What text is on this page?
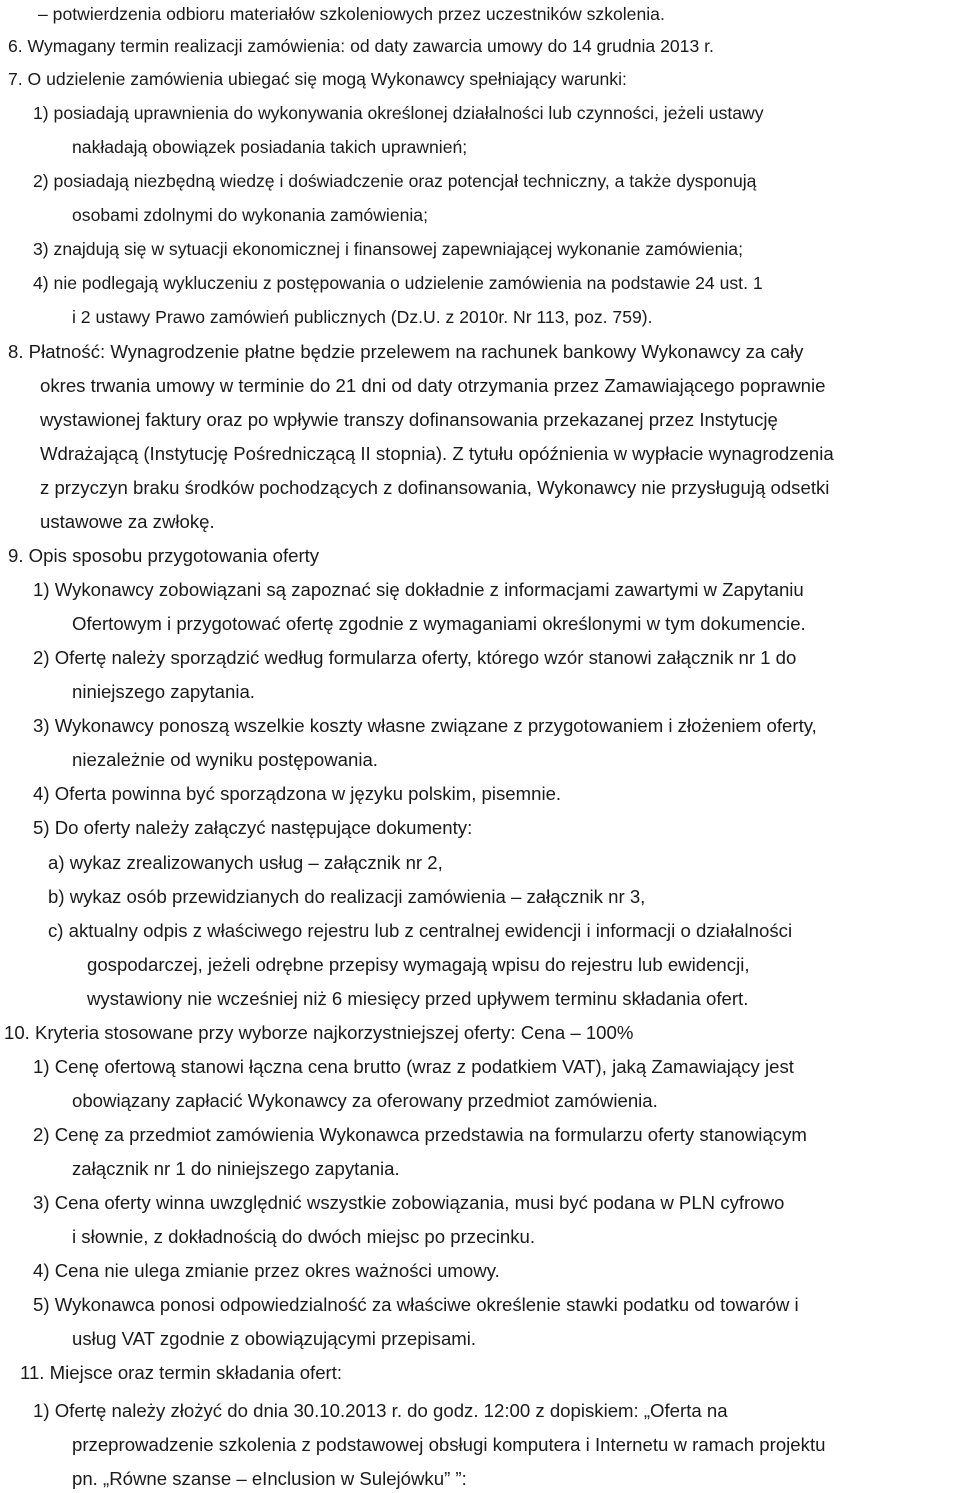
– potwierdzenia odbioru materiałów szkoleniowych przez uczestników szkolenia.
6. Wymagany termin realizacji zamówienia: od daty zawarcia umowy do 14 grudnia 2013 r.
7. O udzielenie zamówienia ubiegać się mogą Wykonawcy spełniający warunki:
1) posiadają uprawnienia do wykonywania określonej działalności lub czynności, jeżeli ustawy
nakładają obowiązek posiadania takich uprawnień;
2) posiadają niezbędną wiedzę i doświadczenie oraz potencjał techniczny, a także dysponują
osobami zdolnymi do wykonania zamówienia;
3) znajdują się w sytuacji ekonomicznej i finansowej zapewniającej wykonanie zamówienia;
4) nie podlegają wykluczeniu z postępowania o udzielenie zamówienia na podstawie 24 ust. 1
i 2 ustawy Prawo zamówień publicznych (Dz.U. z 2010r. Nr 113, poz. 759).
8. Płatność: Wynagrodzenie płatne będzie przelewem na rachunek bankowy Wykonawcy za cały
okres trwania umowy w terminie do 21 dni od daty otrzymania przez Zamawiającego poprawnie
wystawionej faktury oraz po wpływie transzy dofinansowania przekazanej przez Instytucję
Wdrażającą (Instytucję Pośredniczącą II stopnia). Z tytułu opóźnienia w wypłacie wynagrodzenia
z przyczyn braku środków pochodzących z dofinansowania, Wykonawcy nie przysługują odsetki
ustawowe za zwłokę.
9. Opis sposobu przygotowania oferty
1) Wykonawcy zobowiązani są zapoznać się dokładnie z informacjami zawartymi w Zapytaniu
Ofertowym i przygotować ofertę zgodnie z wymaganiami określonymi w tym dokumencie.
2) Ofertę należy sporządzić według formularza oferty, którego wzór stanowi załącznik nr 1 do
niniejszego zapytania.
3) Wykonawcy ponoszą wszelkie koszty własne związane z przygotowaniem i złożeniem oferty,
niezależnie od wyniku postępowania.
4) Oferta powinna być sporządzona w języku polskim, pisemnie.
5) Do oferty należy załączyć następujące dokumenty:
a) wykaz zrealizowanych usług – załącznik nr 2,
b) wykaz osób przewidzianych do realizacji zamówienia – załącznik nr 3,
c) aktualny odpis z właściwego rejestru lub z centralnej ewidencji i informacji o działalności
gospodarczej, jeżeli odrębne przepisy wymagają wpisu do rejestru lub ewidencji,
wystawiony nie wcześniej niż 6 miesięcy przed upływem terminu składania ofert.
10. Kryteria stosowane przy wyborze najkorzystniejszej oferty: Cena – 100%
1) Cenę ofertową stanowi łączna cena brutto (wraz z podatkiem VAT), jaką Zamawiający jest
obowiązany zapłacić Wykonawcy za oferowany przedmiot zamówienia.
2) Cenę za przedmiot zamówienia Wykonawca przedstawia na formularzu oferty stanowiącym
załącznik nr 1 do niniejszego zapytania.
3) Cena oferty winna uwzględnić wszystkie zobowiązania, musi być podana w PLN cyfrowo
i słownie, z dokładnością do dwóch miejsc po przecinku.
4) Cena nie ulega zmianie przez okres ważności umowy.
5) Wykonawca ponosi odpowiedzialność za właściwe określenie stawki podatku od towarów i
usług VAT zgodnie z obowiązującymi przepisami.
11. Miejsce oraz termin składania ofert:
1) Ofertę należy złożyć do dnia 30.10.2013 r. do godz. 12:00 z dopiskiem: „Oferta na
przeprowadzenie szkolenia z podstawowej obsługi komputera i Internetu w ramach projektu
pn. „Równe szanse – eInclusion w Sulejówku” ”:
